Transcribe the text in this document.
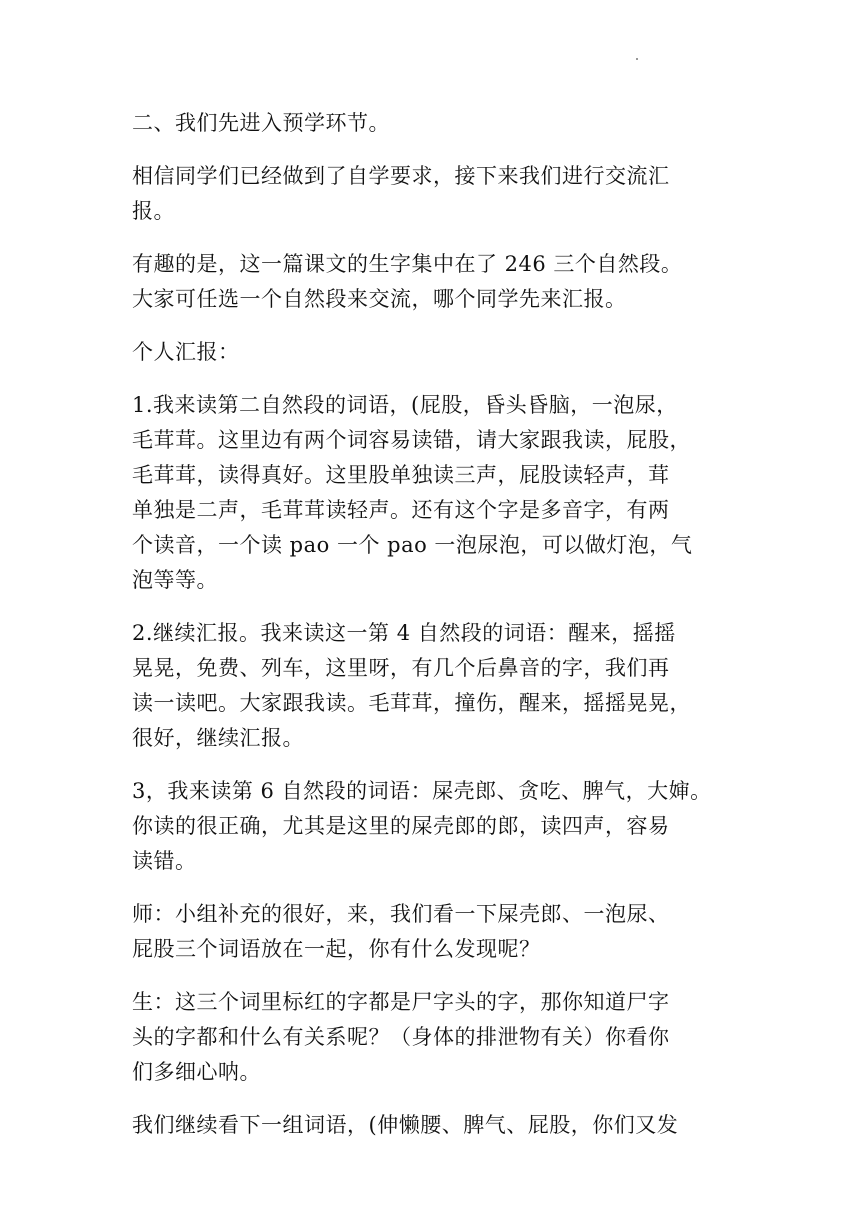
二、我们先进入预学环节。
相信同学们已经做到了自学要求，接下来我们进行交流汇
报。
有趣的是，这一篇课文的生字集中在了 246 三个自然段。
大家可任选一个自然段来交流，哪个同学先来汇报。
个人汇报：
1.我来读第二自然段的词语，(屁股，昏头昏脑，一泡尿，
毛茸茸。这里边有两个词容易读错，请大家跟我读，屁股，
毛茸茸，读得真好。这里股单独读三声，屁股读轻声，茸
单独是二声，毛茸茸读轻声。还有这个字是多音字，有两
个读音，一个读 pao 一个 pao 一泡尿泡，可以做灯泡，气
泡等等。
2.继续汇报。我来读这一第 4 自然段的词语：醒来，摇摇
晃晃，免费、列车，这里呀，有几个后鼻音的字，我们再
读一读吧。大家跟我读。毛茸茸，撞伤，醒来，摇摇晃晃，
很好，继续汇报。
3，我来读第 6 自然段的词语：屎壳郎、贪吃、脾气，大婶。
你读的很正确，尤其是这里的屎壳郎的郎，读四声，容易
读错。
师：小组补充的很好，来，我们看一下屎壳郎、一泡尿、
屁股三个词语放在一起，你有什么发现呢？
生：这三个词里标红的字都是尸字头的字，那你知道尸字
头的字都和什么有关系呢？（身体的排泄物有关）你看你
们多细心呐。
我们继续看下一组词语，(伸懒腰、脾气、屁股，你们又发
